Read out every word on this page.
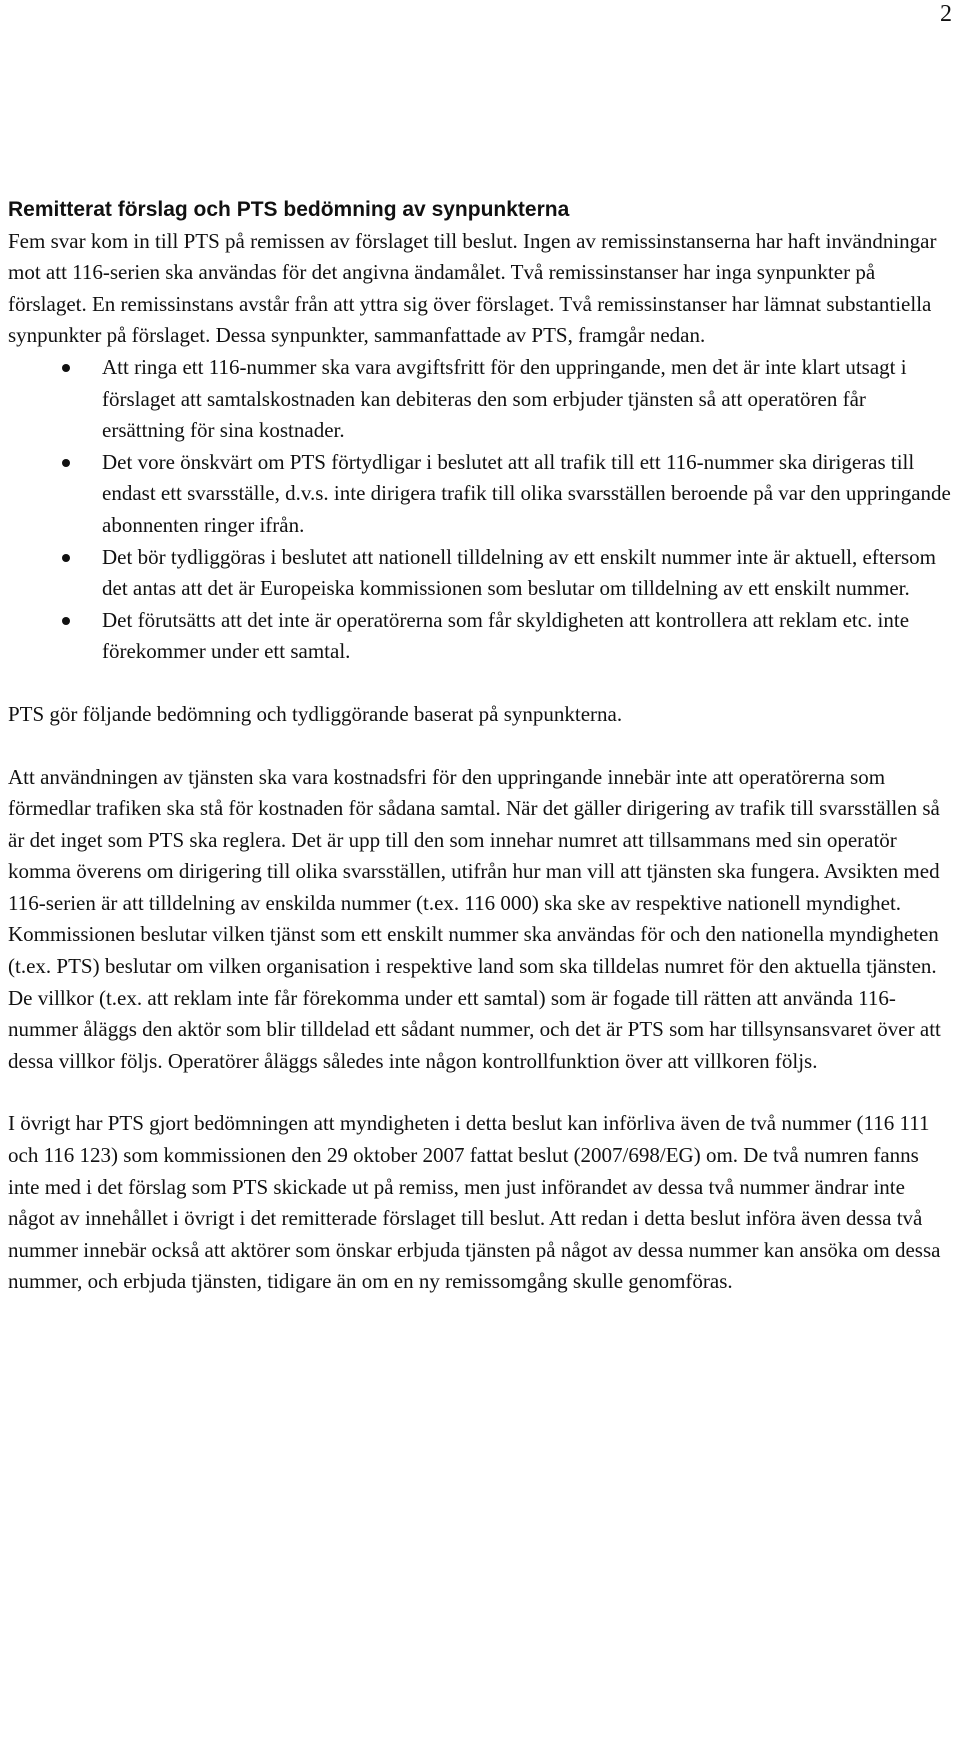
2
Remitterat förslag och PTS bedömning av synpunkterna

Fem svar kom in till PTS på remissen av förslaget till beslut. Ingen av remissinstanserna har haft invändningar mot att 116-serien ska användas för det angivna ändamålet. Två remissinstanser har inga synpunkter på förslaget. En remissinstans avstår från att yttra sig över förslaget. Två remissinstanser har lämnat substantiella synpunkter på förslaget. Dessa synpunkter, sammanfattade av PTS, framgår nedan.

Att ringa ett 116-nummer ska vara avgiftsfritt för den uppringande, men det är inte klart utsagt i förslaget att samtalskostnaden kan debiteras den som erbjuder tjänsten så att operatören får ersättning för sina kostnader.
Det vore önskvärt om PTS förtydligar i beslutet att all trafik till ett 116-nummer ska dirigeras till endast ett svarsställe, d.v.s. inte dirigera trafik till olika svarsställen beroende på var den uppringande abonnenten ringer ifrån.
Det bör tydliggöras i beslutet att nationell tilldelning av ett enskilt nummer inte är aktuell, eftersom det antas att det är Europeiska kommissionen som beslutar om tilldelning av ett enskilt nummer.
Det förutsätts att det inte är operatörerna som får skyldigheten att kontrollera att reklam etc. inte förekommer under ett samtal.

PTS gör följande bedömning och tydliggörande baserat på synpunkterna.

Att användningen av tjänsten ska vara kostnadsfri för den uppringande innebär inte att operatörerna som förmedlar trafiken ska stå för kostnaden för sådana samtal. När det gäller dirigering av trafik till svarsställen så är det inget som PTS ska reglera. Det är upp till den som innehar numret att tillsammans med sin operatör komma överens om dirigering till olika svarsställen, utifrån hur man vill att tjänsten ska fungera. Avsikten med 116-serien är att tilldelning av enskilda nummer (t.ex. 116 000) ska ske av respektive nationell myndighet. Kommissionen beslutar vilken tjänst som ett enskilt nummer ska användas för och den nationella myndigheten (t.ex. PTS) beslutar om vilken organisation i respektive land som ska tilldelas numret för den aktuella tjänsten. De villkor (t.ex. att reklam inte får förekomma under ett samtal) som är fogade till rätten att använda 116-nummer åläggs den aktör som blir tilldelad ett sådant nummer, och det är PTS som har tillsynsansvaret över att dessa villkor följs. Operatörer åläggs således inte någon kontrollfunktion över att villkoren följs.

I övrigt har PTS gjort bedömningen att myndigheten i detta beslut kan införliva även de två nummer (116 111 och 116 123) som kommissionen den 29 oktober 2007 fattat beslut (2007/698/EG) om. De två numren fanns inte med i det förslag som PTS skickade ut på remiss, men just införandet av dessa två nummer ändrar inte något av innehållet i övrigt i det remitterade förslaget till beslut. Att redan i detta beslut införa även dessa två nummer innebär också att aktörer som önskar erbjuda tjänsten på något av dessa nummer kan ansöka om dessa nummer, och erbjuda tjänsten, tidigare än om en ny remissomgång skulle genomföras.
